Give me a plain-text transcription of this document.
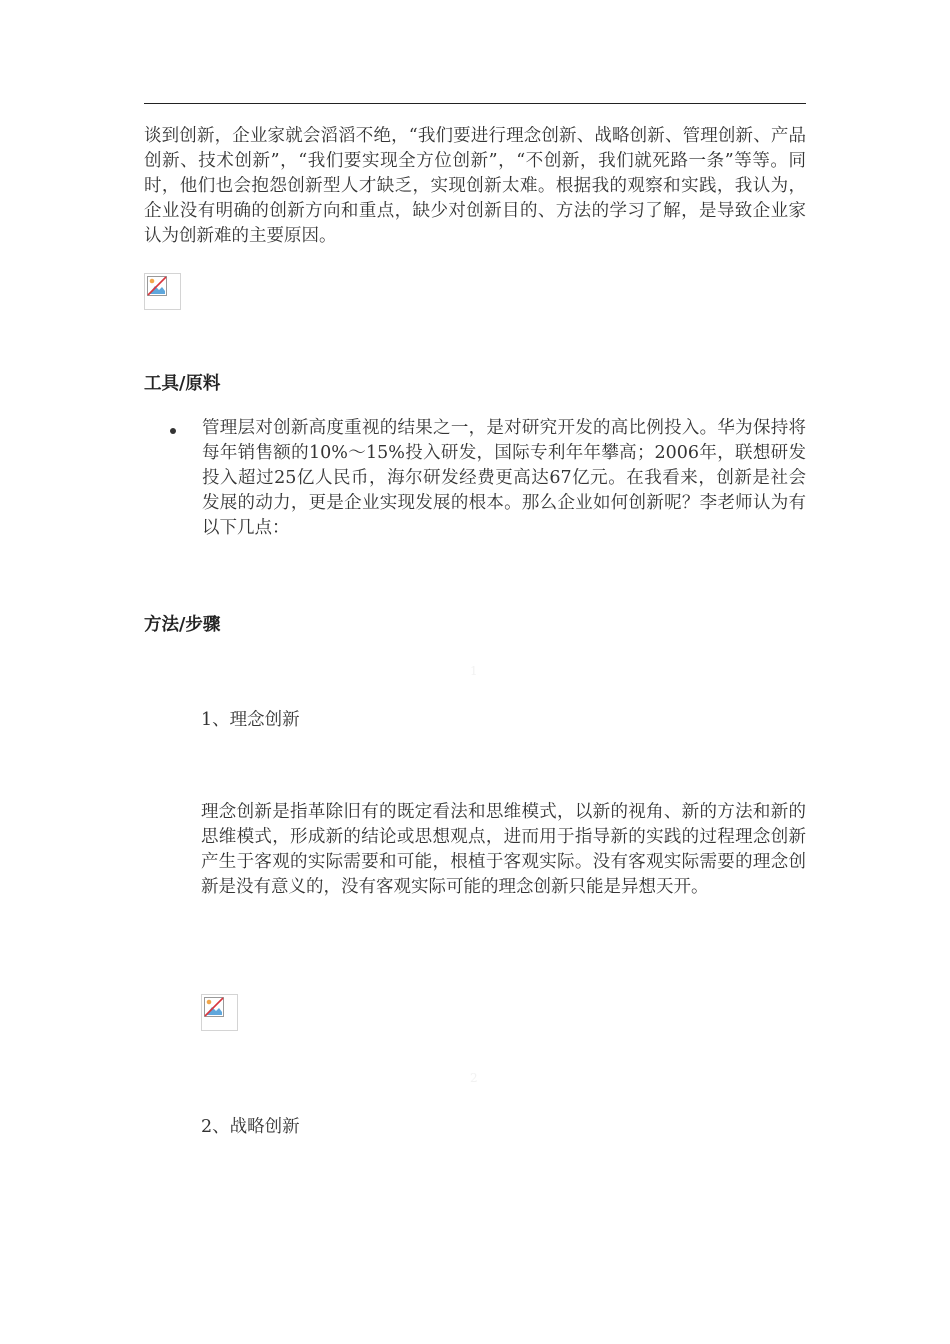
谈到创新，企业家就会滔滔不绝，“我们要进行理念创新、战略创新、管理创新、产品创新、技术创新”，“我们要实现全方位创新”，“不创新，我们就死路一条”等等。同时，他们也会抱怨创新型人才缺乏，实现创新太难。根据我的观察和实践，我认为，企业没有明确的创新方向和重点，缺少对创新目的、方法的学习了解，是导致企业家认为创新难的主要原因。

工具/原料

管理层对创新高度重视的结果之一，是对研究开发的高比例投入。华为保持将每年销售额的10%～15%投入研发，国际专利年年攀高；2006年，联想研发投入超过25亿人民币，海尔研发经费更高达67亿元。在我看来，创新是社会发展的动力，更是企业实现发展的根本。那么企业如何创新呢？李老师认为有以下几点：

方法/步骤

1

1、理念创新

理念创新是指革除旧有的既定看法和思维模式，以新的视角、新的方法和新的思维模式，形成新的结论或思想观点，进而用于指导新的实践的过程理念创新产生于客观的实际需要和可能，根植于客观实际。没有客观实际需要的理念创新是没有意义的，没有客观实际可能的理念创新只能是异想天开。

2

2、战略创新
